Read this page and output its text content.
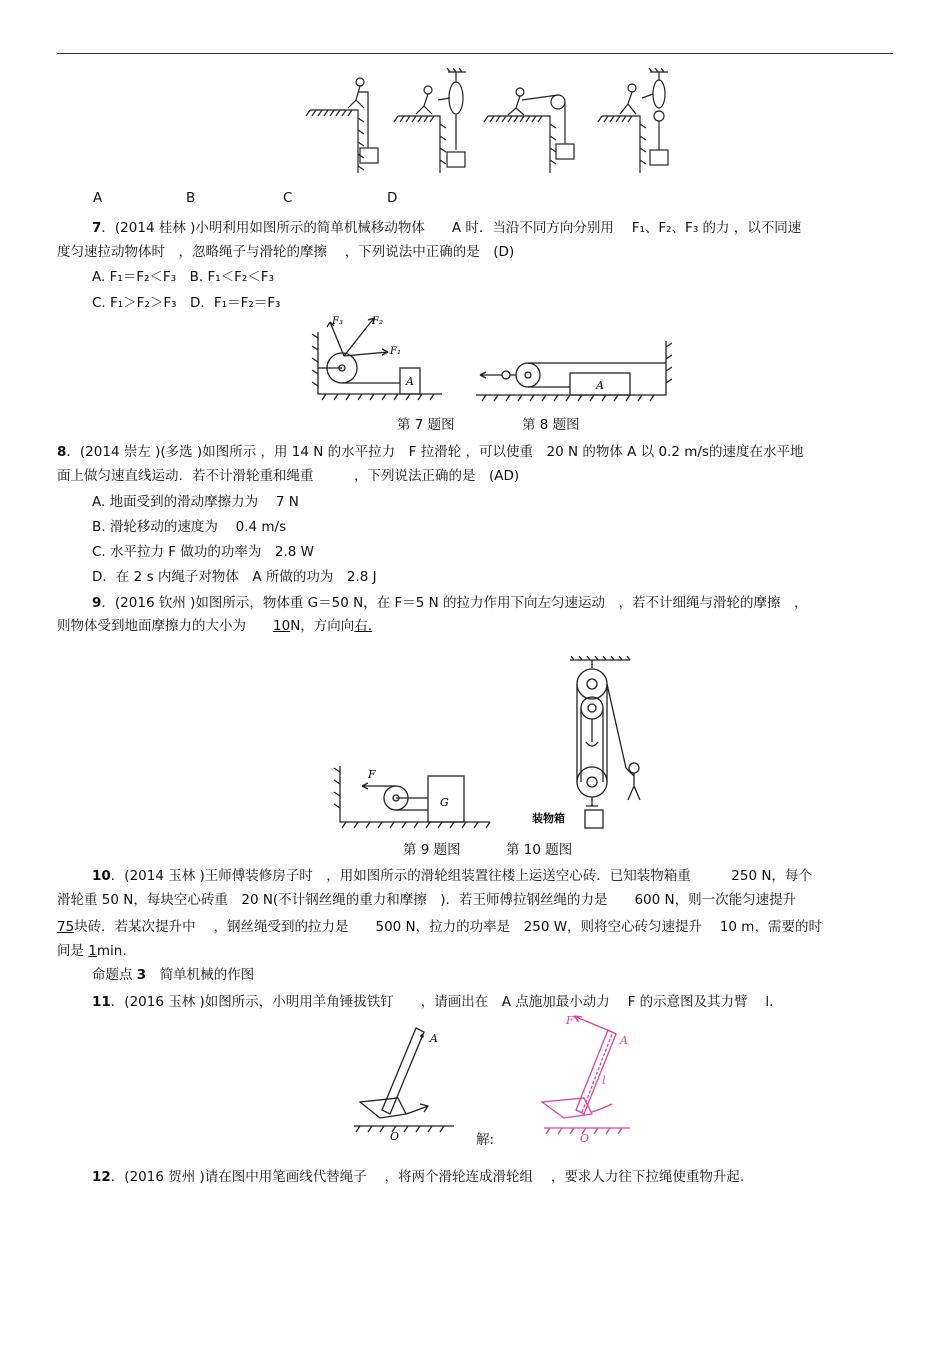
A	B	C	D
7．(2014 桂林 )小明利用如图所示的简单机械移动物体　　A 时．当沿不同方向分别用　 F₁、F₂、F₃ 的力 ，以不同速
度匀速拉动物体时　，忽略绳子与滑轮的摩擦　 ，下列说法中正确的是　(D)
A. F₁＝F₂＜F₃　B. F₁＜F₂＜F₃
C. F₁＞F₂＞F₃　D．F₁＝F₂＝F₃
F₃	F₂
F₁
A	A
第 7 题图	第 8 题图
8．(2014 崇左 )(多选 )如图所示 ，用 14 N 的水平拉力　F 拉滑轮 ，可以使重　20 N 的物体 A 以 0.2 m/s的速度在水平地
面上做匀速直线运动．若不计滑轮重和绳重　　　，下列说法正确的是　(AD)
A. 地面受到的滑动摩擦力为　 7 N
B. 滑轮移动的速度为　 0.4 m/s
C. 水平拉力 F 做功的功率为　2.8 W
D．在 2 s 内绳子对物体　A 所做的功为　2.8 J
9．(2016 钦州 )如图所示，物体重 G＝50 N，在 F＝5 N 的拉力作用下向左匀速运动　，若不计细绳与滑轮的摩擦　，
则物体受到地面摩擦力的大小为　　10N，方向向右.
F
G
装物箱
第 9 题图	第 10 题图
10．(2014 玉林 )王师傅装修房子时　，用如图所示的滑轮组装置往楼上运送空心砖．已知装物箱重　　　250 N，每个
滑轮重 50 N，每块空心砖重　20 N(不计钢丝绳的重力和摩擦　)．若王师傅拉钢丝绳的力是　　600 N，则一次能匀速提升
75块砖．若某次提升中　 ，钢丝绳受到的拉力是　　500 N，拉力的功率是　250 W，则将空心砖匀速提升　 10 m，需要的时
间是 1min.
命题点 3　简单机械的作图
11．(2016 玉林 )如图所示，小明用羊角锤拔铁钉　　，请画出在　A 点施加最小动力　 F 的示意图及其力臂　 l.
A
O	解:
F
A
l
O
12．(2016 贺州 )请在图中用笔画线代替绳子　 ，将两个滑轮连成滑轮组　 ，要求人力往下拉绳使重物升起.
